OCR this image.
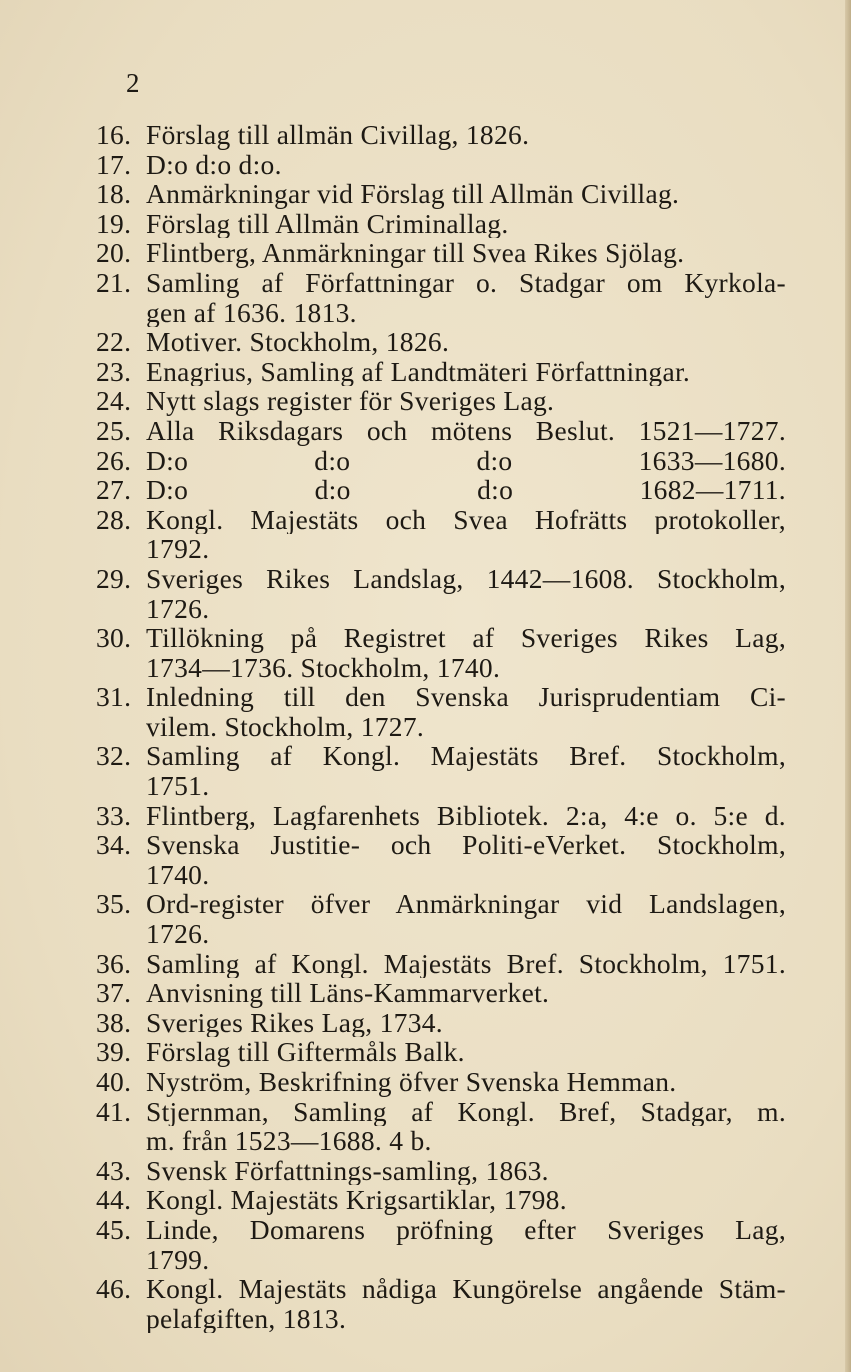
2
16. Förslag till allmän Civillag, 1826.
17. D:o d:o d:o.
18. Anmärkningar vid Förslag till Allmän Civillag.
19. Förslag till Allmän Criminallag.
20. Flintberg, Anmärkningar till Svea Rikes Sjölag.
21. Samling af Författningar o. Stadgar om Kyrkola-
gen af 1636. 1813.
22. Motiver. Stockholm, 1826.
23. Enagrius, Samling af Landtmäteri Författningar.
24. Nytt slags register för Sveriges Lag.
25. Alla Riksdagars och mötens Beslut. 1521—1727.
26. D:o d:o d:o 1633—1680.
27. D:o d:o d:o 1682—1711.
28. Kongl. Majestäts och Svea Hofrätts protokoller,
1792.
29. Sveriges Rikes Landslag, 1442—1608. Stockholm,
1726.
30. Tillökning på Registret af Sveriges Rikes Lag,
1734—1736. Stockholm, 1740.
31. Inledning till den Svenska Jurisprudentiam Ci-
vilem. Stockholm, 1727.
32. Samling af Kongl. Majestäts Bref. Stockholm,
1751.
33. Flintberg, Lagfarenhets Bibliotek. 2:a, 4:e o. 5:e d.
34. Svenska Justitie- och Politi-eVerket. Stockholm,
1740.
35. Ord-register öfver Anmärkningar vid Landslagen,
1726.
36. Samling af Kongl. Majestäts Bref. Stockholm, 1751.
37. Anvisning till Läns-Kammarverket.
38. Sveriges Rikes Lag, 1734.
39. Förslag till Giftermåls Balk.
40. Nyström, Beskrifning öfver Svenska Hemman.
41. Stjernman, Samling af Kongl. Bref, Stadgar, m.
m. från 1523—1688. 4 b.
43. Svensk Författnings-samling, 1863.
44. Kongl. Majestäts Krigsartiklar, 1798.
45. Linde, Domarens pröfning efter Sveriges Lag,
1799.
46. Kongl. Majestäts nådiga Kungörelse angående Stäm-
pelafgiften, 1813.
